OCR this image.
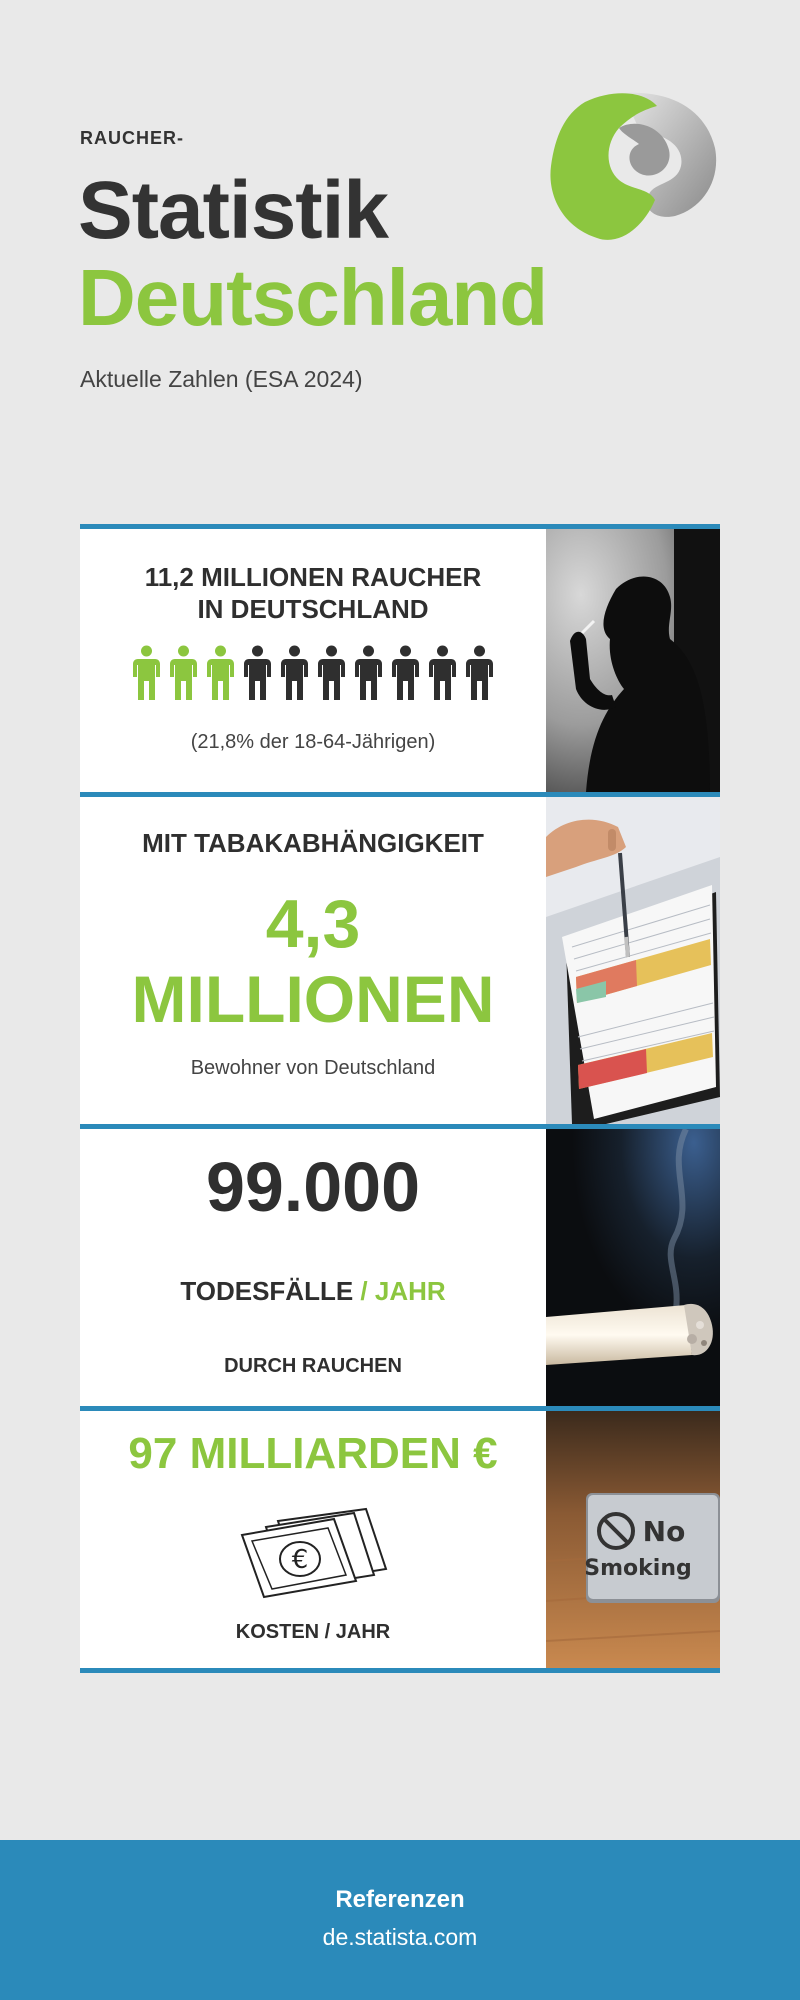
RAUCHER-
Statistik
Deutschland
Aktuelle Zahlen (ESA 2024)
11,2 MILLIONEN RAUCHER
IN DEUTSCHLAND
(21,8% der 18-64-Jährigen)
MIT TABAKABHÄNGIGKEIT
4,3
MILLIONEN
Bewohner von Deutschland
99.000
TODESFÄLLE / JAHR
DURCH RAUCHEN
97 MILLIARDEN €
€
KOSTEN / JAHR
No
Smoking
Referenzen
de.statista.com
